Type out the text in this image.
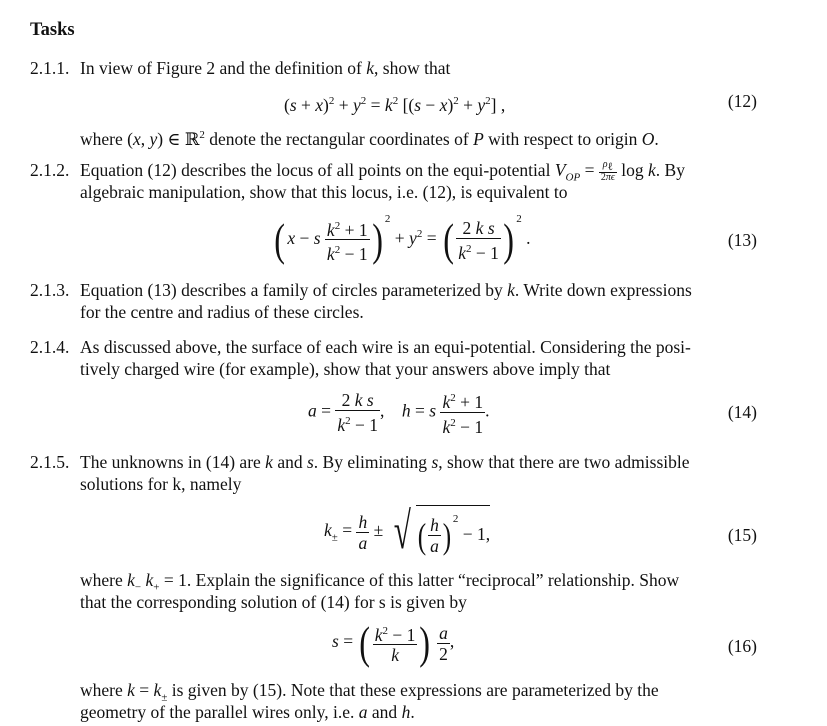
Tasks
2.1.1. In view of Figure 2 and the definition of k, show that
$(s + x)^2 + y^2 = k^2$ $[(s - x)^2 + y^2]$ ,	(12)
where (x, y) ∈ ℝ$^2$ denote the rectangular coordinates of P with respect to origin O.
2.1.2. Equation (12) describes the locus of all points on the equi-potential $V_{OP} = \frac{\rho_\ell}{2\pi\epsilon}$ log k. By
algebraic manipulation, show that this locus, i.e. (12), is equivalent to
( x − s $\frac{k^2 + 1}{k^2 - 1}$ ) $^2 + y^2$ = ( $\frac{\text{2 k s}}{k^2 - 1}$ ) $^2$ .	(13)
2.1.3. Equation (13) describes a family of circles parameterized by k. Write down expressions
for the centre and radius of these circles.
2.1.4. As discussed above, the surface of each wire is an equi-potential. Considering the posi-
tively charged wire (for example), show that your answers above imply that
$a = \frac{\text{2 k s}}{k^2 - 1}$ ,    h = s $\frac{k^2 + 1}{k^2 - 1}$ .	(14)
2.1.5. The unknowns in (14) are k and s. By eliminating s, show that there are two admissible
solutions for k, namely
$k_\pm = \frac{h}{a}$ ± √ ( $\frac{h}{a}$ ) $^2$ − 1,	(15)
where $k_-$ $k_+ = 1$. Explain the significance of this latter “reciprocal” relationship. Show
that the corresponding solution of (14) for s is given by
s = ( $\frac{k^2 - 1}{k}$ ) $\frac{a}{2}$ ,	(16)
where $k = k_\pm$ is given by (15). Note that these expressions are parameterized by the
geometry of the parallel wires only, i.e. a and h.
